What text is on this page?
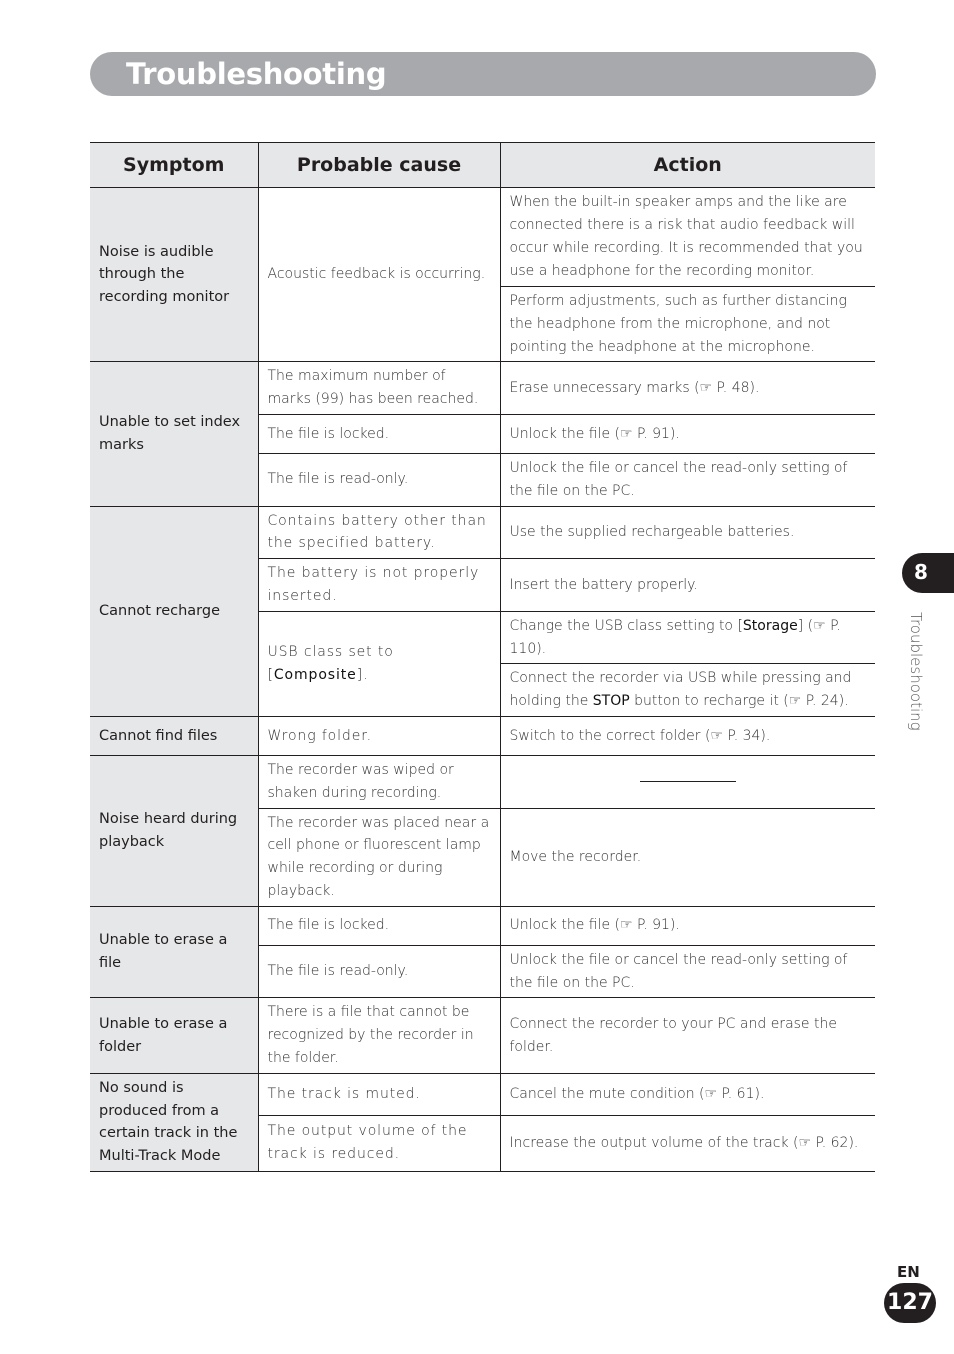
Troubleshooting
Symptom	Probable cause	Action
Noise is audible through the recording monitor	Acoustic feedback is occurring.	When the built-in speaker amps and the like are connected there is a risk that audio feedback will occur while recording. It is recommended that you use a headphone for the recording monitor.
		Perform adjustments, such as further distancing the headphone from the microphone, and not pointing the headphone at the microphone.
Unable to set index marks	The maximum number of marks (99) has been reached.	Erase unnecessary marks (☞ P. 48).
	The file is locked.	Unlock the file (☞ P. 91).
	The file is read-only.	Unlock the file or cancel the read-only setting of the file on the PC.
Cannot recharge	Contains battery other than the specified battery.	Use the supplied rechargeable batteries.
	The battery is not properly inserted.	Insert the battery properly.
	USB class set to [Composite].	Change the USB class setting to [Storage] (☞ P. 110).
		Connect the recorder via USB while pressing and holding the STOP button to recharge it (☞ P. 24).
Cannot find files	Wrong folder.	Switch to the correct folder (☞ P. 34).
Noise heard during playback	The recorder was wiped or shaken during recording.	

	The recorder was placed near a cell phone or fluorescent lamp while recording or during playback.	Move the recorder.
Unable to erase a file	The file is locked.	Unlock the file (☞ P. 91).
	The file is read-only.	Unlock the file or cancel the read-only setting of the file on the PC.
Unable to erase a folder	There is a file that cannot be recognized by the recorder in the folder.	Connect the recorder to your PC and erase the folder.
No sound is produced from a certain track in the Multi-Track Mode	The track is muted.	Cancel the mute condition (☞ P. 61).
	The output volume of the track is reduced.	Increase the output volume of the track (☞ P. 62).
8
Troubleshooting
EN
127
